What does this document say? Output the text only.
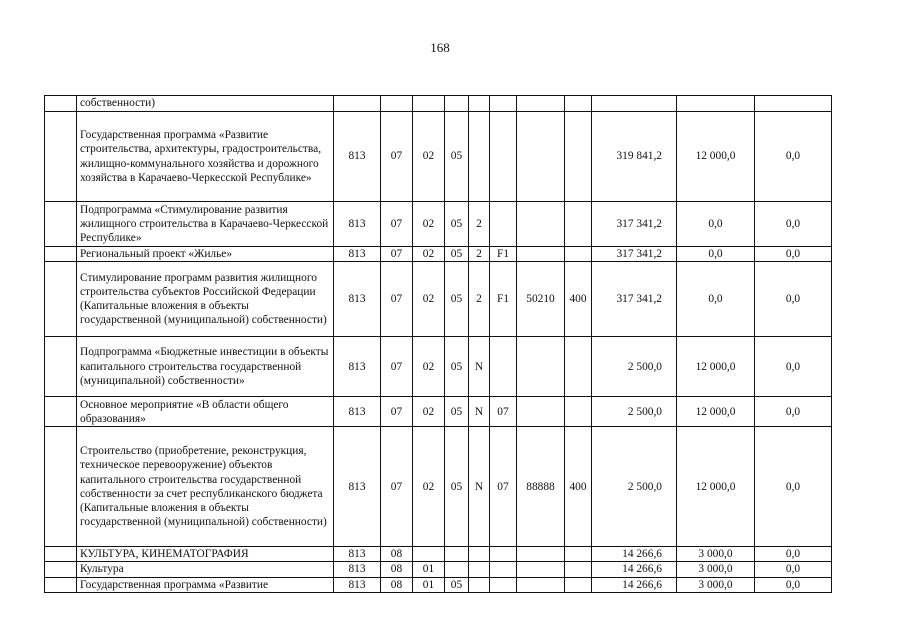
168
	собственности)											
	Государственная программа «Развитие строительства, архитектуры, градостроительства, жилищно-коммунального хозяйства и дорожного хозяйства в Карачаево-Черкесской Республике»	813	07	02	05					319 841,2	12 000,0	0,0
	Подпрограмма «Стимулирование развития жилищного строительства в Карачаево-Черкесской Республике»	813	07	02	05	2				317 341,2	0,0	0,0
	Региональный проект «Жилье»	813	07	02	05	2	F1			317 341,2	0,0	0,0
	Стимулирование программ развития жилищного строительства субъектов Российской Федерации (Капитальные вложения в объекты государственной (муниципальной) собственности)	813	07	02	05	2	F1	50210	400	317 341,2	0,0	0,0
	Подпрограмма «Бюджетные инвестиции в объекты капитального строительства государственной (муниципальной) собственности»	813	07	02	05	N				2 500,0	12 000,0	0,0
	Основное мероприятие «В области общего образования»	813	07	02	05	N	07			2 500,0	12 000,0	0,0
	Строительство (приобретение, реконструкция, техническое перевооружение) объектов капитального строительства государственной собственности за счет республиканского бюджета (Капитальные вложения в объекты государственной (муниципальной) собственности)	813	07	02	05	N	07	88888	400	2 500,0	12 000,0	0,0
	КУЛЬТУРА, КИНЕМАТОГРАФИЯ	813	08							14 266,6	3 000,0	0,0
	Культура	813	08	01						14 266,6	3 000,0	0,0
	Государственная программа «Развитие	813	08	01	05					14 266,6	3 000,0	0,0
